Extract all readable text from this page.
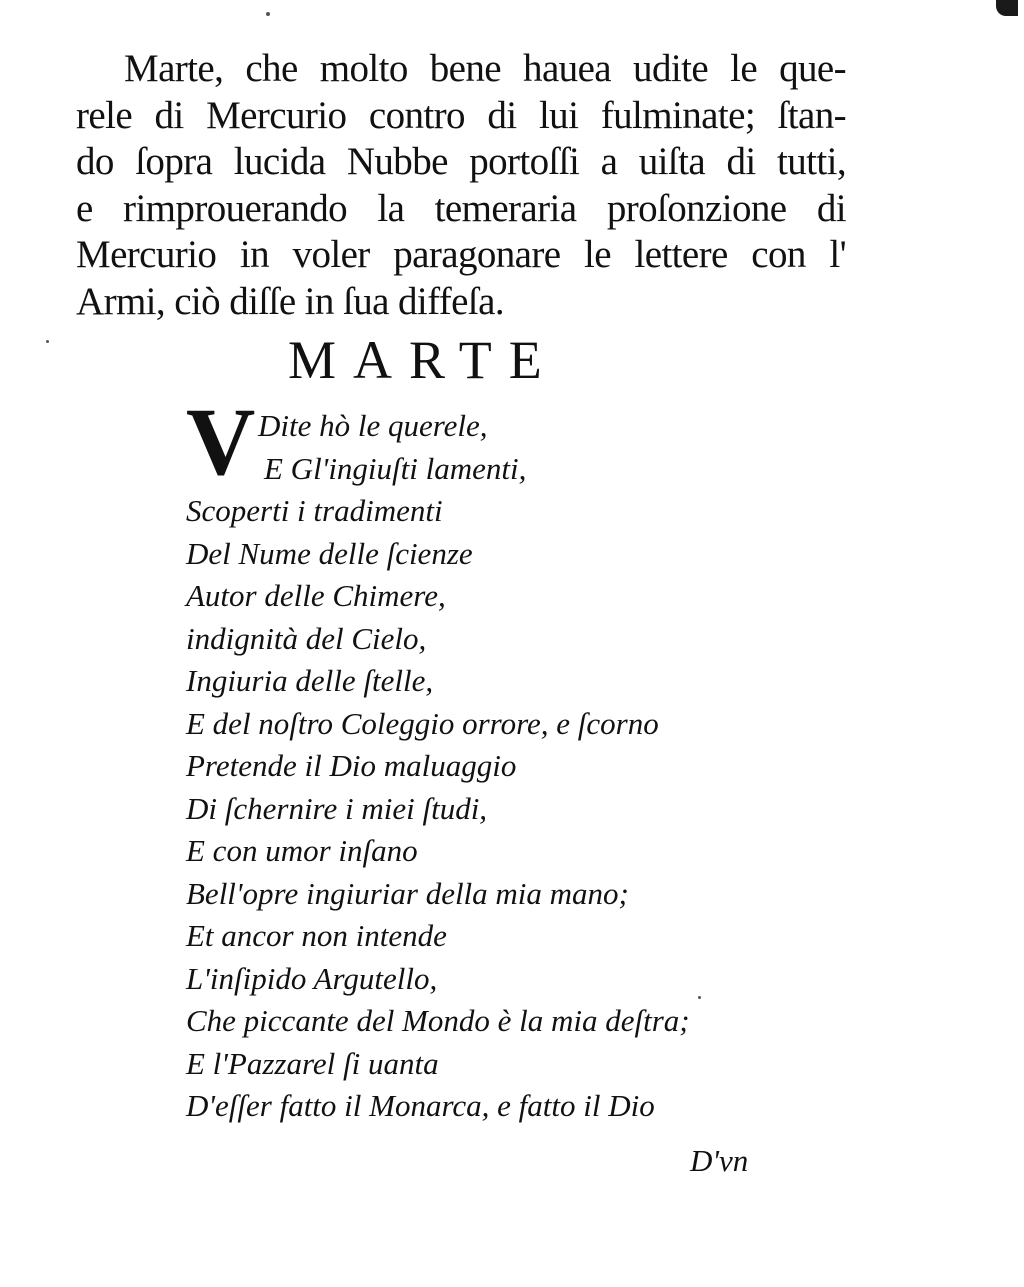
Marte, che molto bene hauea udite le que-
rele di Mercurio contro di lui fulminate; ſtan-
do ſopra lucida Nubbe portoſſi a uiſta di tutti,
e rimprouerando la temeraria proſonzione di
Mercurio in voler paragonare le lettere con l'
Armi, ciò diſſe in ſua diffeſa.
MARTE
V Dite hò le querele,
E Gl'ingiuſti lamenti,
Scoperti i tradimenti
Del Nume delle ſcienze
Autor delle Chimere,
indignità del Cielo,
Ingiuria delle ſtelle,
E del noſtro Coleggio orrore, e ſcorno
Pretende il Dio maluaggio
Di ſchernire i miei ſtudi,
E con umor inſano
Bell'opre ingiuriar della mia mano;
Et ancor non intende
L'inſipido Argutello,
Che piccante del Mondo è la mia deſtra;
E l'Pazzarel ſi uanta
D'eſſer fatto il Monarca, e fatto il Dio
D'vn
